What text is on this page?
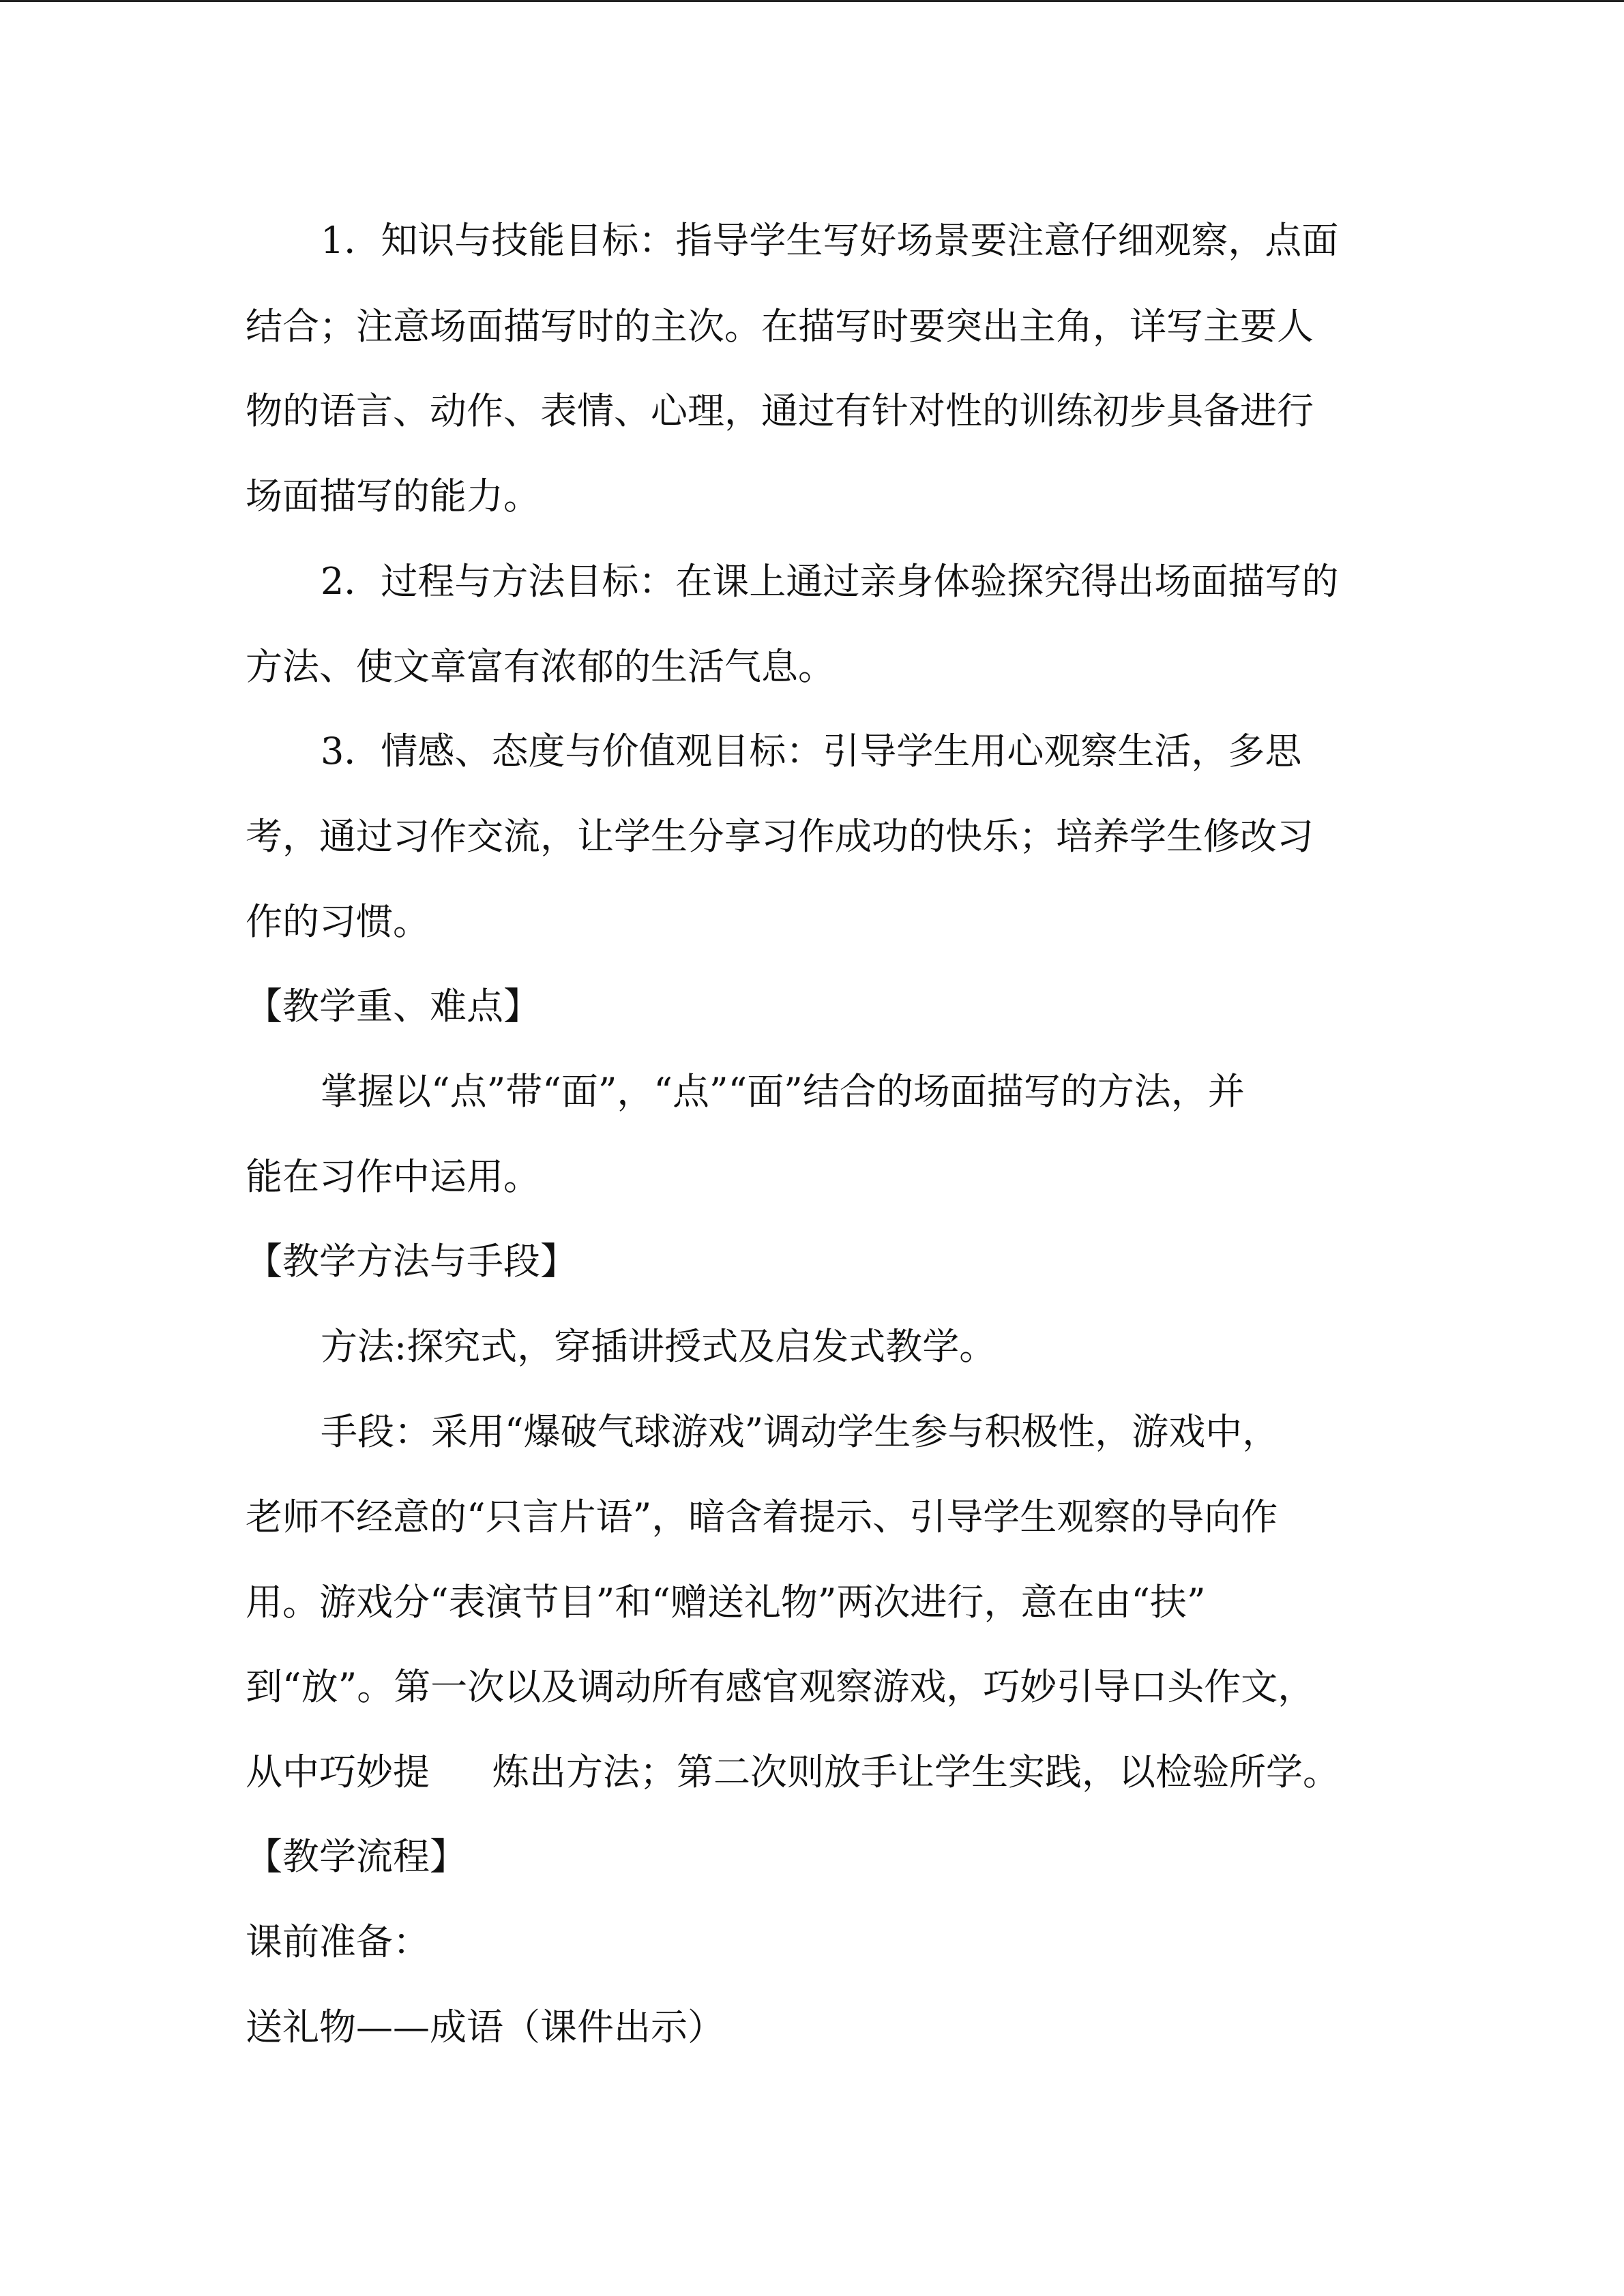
1．知识与技能目标：指导学生写好场景要注意仔细观察，点面
结合；注意场面描写时的主次。在描写时要突出主角，详写主要人
物的语言、动作、表情、心理，通过有针对性的训练初步具备进行
场面描写的能力。
2．过程与方法目标：在课上通过亲身体验探究得出场面描写的
方法、使文章富有浓郁的生活气息。
3．情感、态度与价值观目标：引导学生用心观察生活，多思
考，通过习作交流，让学生分享习作成功的快乐；培养学生修改习
作的习惯。
【教学重、难点】
掌握以“点”带“面”，“点”“面”结合的场面描写的方法，并
能在习作中运用。
【教学方法与手段】
方法:探究式，穿插讲授式及启发式教学。
手段：采用“爆破气球游戏”调动学生参与积极性，游戏中，
老师不经意的“只言片语”，暗含着提示、引导学生观察的导向作
用。游戏分“表演节目”和“赠送礼物”两次进行，意在由“扶”
到“放”。第一次以及调动所有感官观察游戏，巧妙引导口头作文，
从中巧妙提 炼出方法；第二次则放手让学生实践，以检验所学。
【教学流程】
课前准备：
送礼物——成语（课件出示）
